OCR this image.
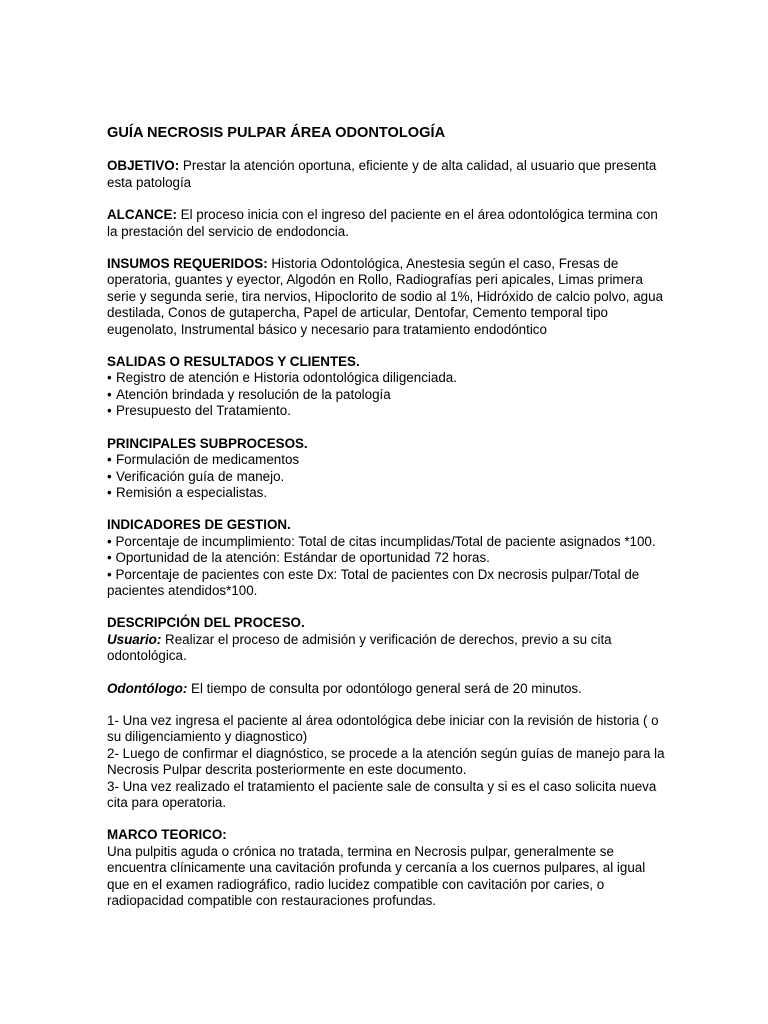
GUÍA NECROSIS PULPAR ÁREA ODONTOLOGÍA

OBJETIVO: Prestar la atención oportuna, eficiente y de alta calidad, al usuario que presenta esta patología

ALCANCE: El proceso inicia con el ingreso del paciente en el área odontológica termina con la prestación del servicio de endodoncia.

INSUMOS REQUERIDOS: Historia Odontológica, Anestesia según el caso, Fresas de operatoria, guantes y eyector, Algodón en Rollo, Radiografías peri apicales, Limas primera serie y segunda serie, tira nervios, Hipoclorito de sodio al 1%, Hidróxido de calcio polvo, agua destilada, Conos de gutapercha, Papel de articular, Dentofar, Cemento temporal tipo eugenolato, Instrumental básico y necesario para tratamiento endodóntico

SALIDAS O RESULTADOS Y CLIENTES.
• Registro de atención e Historia odontológica diligenciada.
• Atención brindada y resolución de la patología
• Presupuesto del Tratamiento.
PRINCIPALES SUBPROCESOS.
• Formulación de medicamentos
• Verificación guía de manejo.
• Remisión a especialistas.
INDICADORES DE GESTION.
• Porcentaje de incumplimiento: Total de citas incumplidas/Total de paciente asignados *100.
• Oportunidad de la atención: Estándar de oportunidad 72 horas.
• Porcentaje de pacientes con este Dx: Total de pacientes con Dx necrosis pulpar/Total de pacientes atendidos*100.
DESCRIPCIÓN DEL PROCESO.

Usuario: Realizar el proceso de admisión y verificación de derechos, previo a su cita odontológica.

Odontólogo: El tiempo de consulta por odontólogo general será de 20 minutos.

1- Una vez ingresa el paciente al área odontológica debe iniciar con la revisión de historia ( o su diligenciamiento y diagnostico)

2- Luego de confirmar el diagnóstico, se procede a la atención según guías de manejo para la Necrosis Pulpar descrita posteriormente en este documento.

3- Una vez realizado el tratamiento el paciente sale de consulta y si es el caso solicita nueva cita para operatoria.

MARCO TEORICO:

Una pulpitis aguda o crónica no tratada, termina en Necrosis pulpar, generalmente se encuentra clínicamente una cavitación profunda y cercanía a los cuernos pulpares, al igual que en el examen radiográfico, radio lucidez compatible con cavitación por caries, o radiopacidad compatible con restauraciones profundas.
